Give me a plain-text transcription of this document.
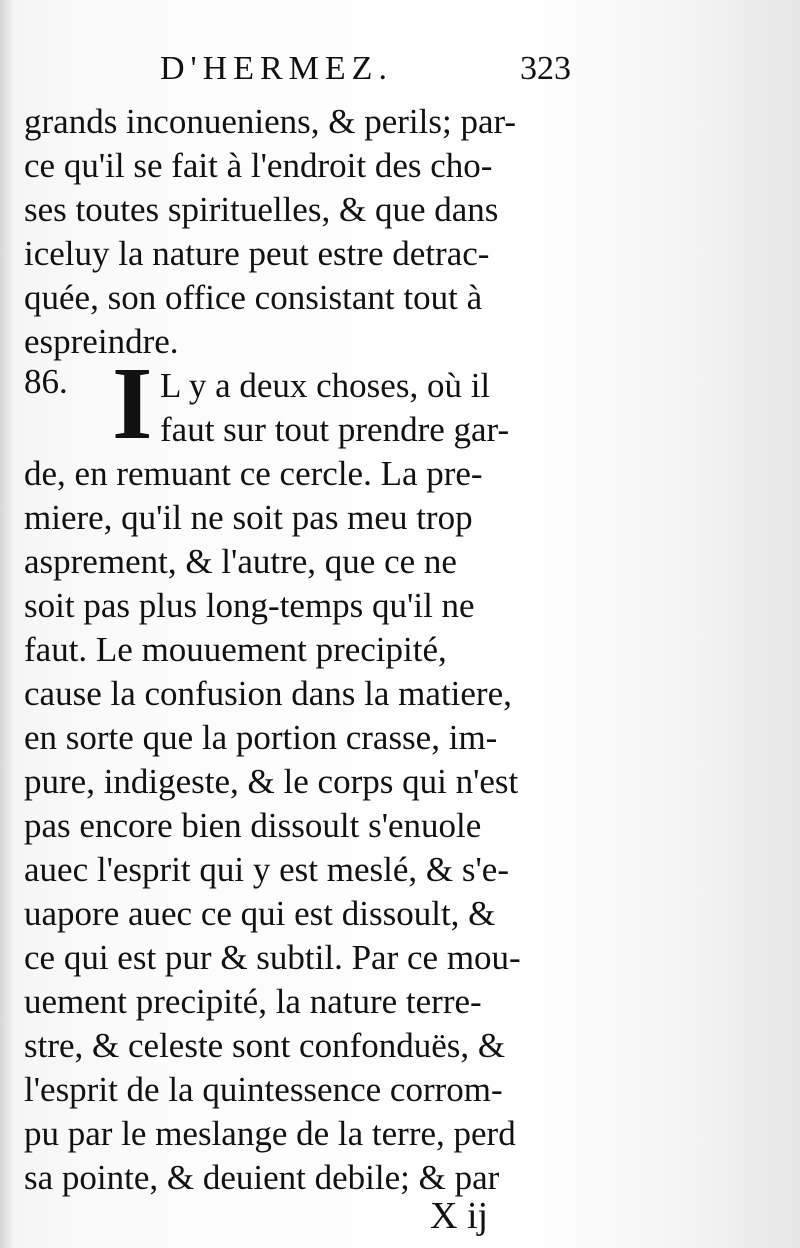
D'HERMEZ.	323
grands inconueniens, & perils; par-
ce qu'il se fait à l'endroit des cho-
ses toutes spirituelles, & que dans
iceluy la nature peut estre detrac-
quée, son office consistant tout à
espreindre.
86. I L y a deux choses, où il
faut sur tout prendre gar-
de, en remuant ce cercle. La pre-
miere, qu'il ne soit pas meu trop
asprement, & l'autre, que ce ne
soit pas plus long-temps qu'il ne
faut. Le mouuement precipité,
cause la confusion dans la matiere,
en sorte que la portion crasse, im-
pure, indigeste, & le corps qui n'est
pas encore bien dissoult s'enuole
auec l'esprit qui y est meslé, & s'e-
uapore auec ce qui est dissoult, &
ce qui est pur & subtil. Par ce mou-
uement precipité, la nature terre-
stre, & celeste sont confonduës, &
l'esprit de la quintessence corrom-
pu par le meslange de la terre, perd
sa pointe, & deuient debile; & par
X ij
